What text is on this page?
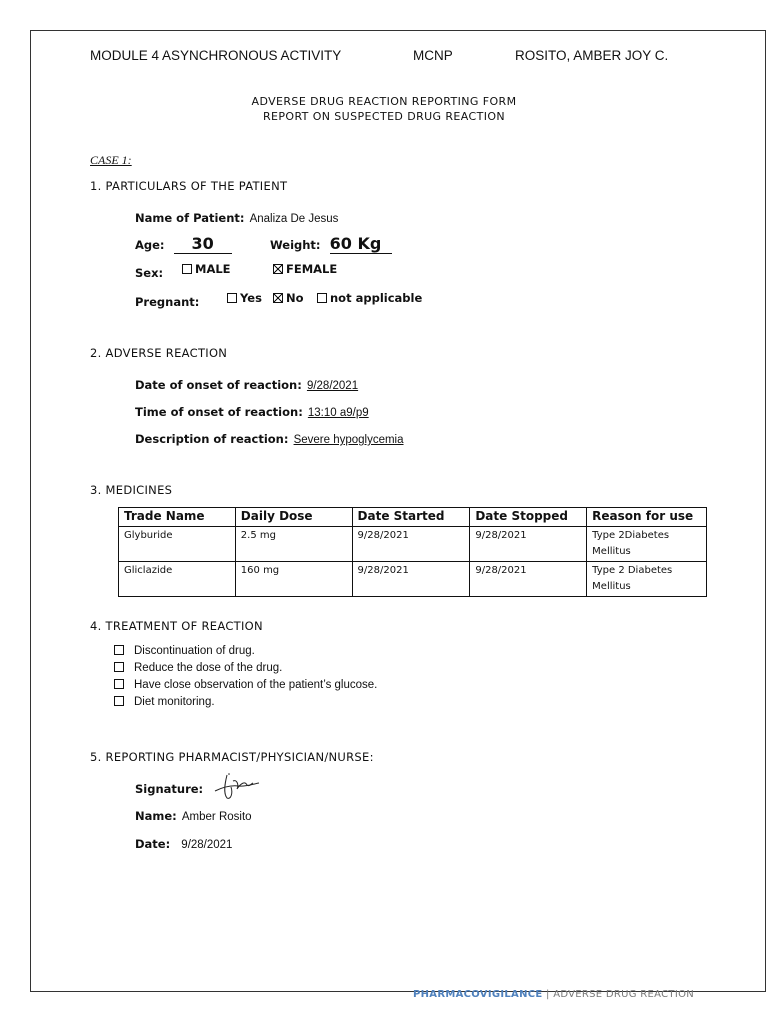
MODULE 4 ASYNCHRONOUS ACTIVITY	MCNP	ROSITO, AMBER JOY C.
ADVERSE DRUG REACTION REPORTING FORM
REPORT ON SUSPECTED DRUG REACTION
CASE 1:
1. PARTICULARS OF THE PATIENT
Name of Patient: Analiza De Jesus
Age: 30	Weight: 60 Kg
Sex:	MALE	FEMALE
Pregnant:	Yes	No	not applicable
2. ADVERSE REACTION
Date of onset of reaction: 9/28/2021
Time of onset of reaction: 13:10 a9/p9
Description of reaction: Severe hypoglycemia
3. MEDICINES
Trade Name	Daily Dose	Date Started	Date Stopped	Reason for use
Glyburide	2.5 mg	9/28/2021	9/28/2021	Type 2Diabetes Mellitus
Gliclazide	160 mg	9/28/2021	9/28/2021	Type 2 Diabetes Mellitus
4. TREATMENT OF REACTION
Discontinuation of drug.
Reduce the dose of the drug.
Have close observation of the patient’s glucose.
Diet monitoring.
5. REPORTING PHARMACIST/PHYSICIAN/NURSE:
Signature:
Name: Amber Rosito
Date: 9/28/2021
PHARMACOVIGILANCE | ADVERSE DRUG REACTION
